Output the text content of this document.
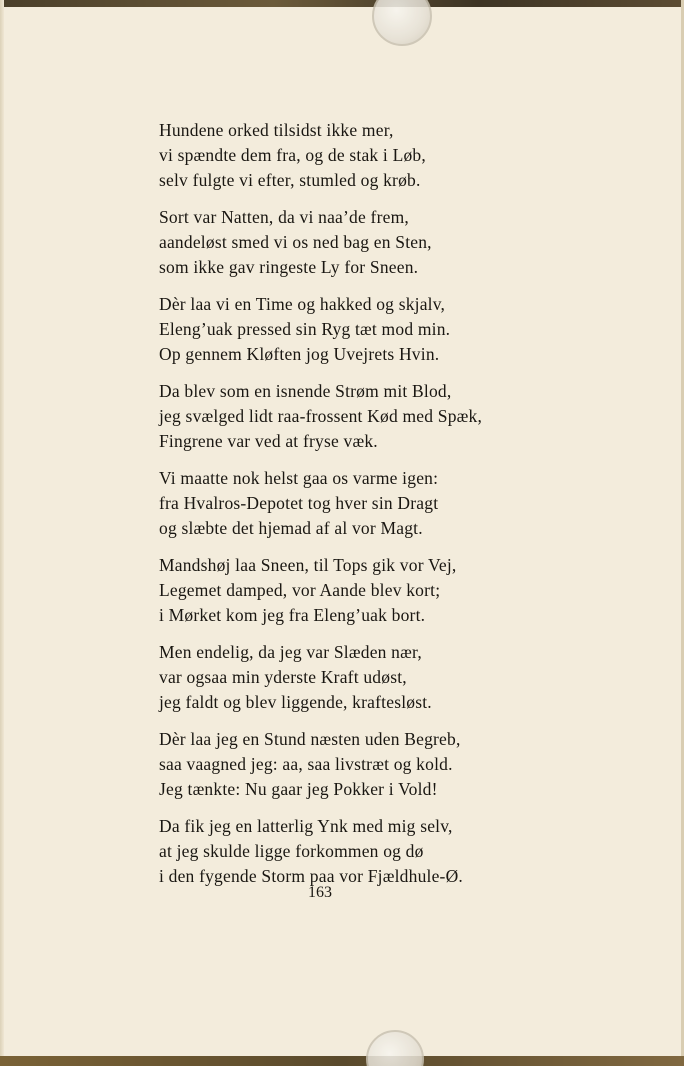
Hundene orked tilsidst ikke mer,
vi spændte dem fra, og de stak i Løb,
selv fulgte vi efter, stumled og krøb.
Sort var Natten, da vi naa’de frem,
aandeløst smed vi os ned bag en Sten,
som ikke gav ringeste Ly for Sneen.
Dèr laa vi en Time og hakked og skjalv,
Eleng’uak pressed sin Ryg tæt mod min.
Op gennem Kløften jog Uvejrets Hvin.
Da blev som en isnende Strøm mit Blod,
jeg svælged lidt raa-frossent Kød med Spæk,
Fingrene var ved at fryse væk.
Vi maatte nok helst gaa os varme igen:
fra Hvalros-Depotet tog hver sin Dragt
og slæbte det hjemad af al vor Magt.
Mandshøj laa Sneen, til Tops gik vor Vej,
Legemet damped, vor Aande blev kort;
i Mørket kom jeg fra Eleng’uak bort.
Men endelig, da jeg var Slæden nær,
var ogsaa min yderste Kraft udøst,
jeg faldt og blev liggende, kraftesløst.
Dèr laa jeg en Stund næsten uden Begreb,
saa vaagned jeg: aa, saa livstræt og kold.
Jeg tænkte: Nu gaar jeg Pokker i Vold!
Da fik jeg en latterlig Ynk med mig selv,
at jeg skulde ligge forkommen og dø
i den fygende Storm paa vor Fjældhule-Ø.
163
